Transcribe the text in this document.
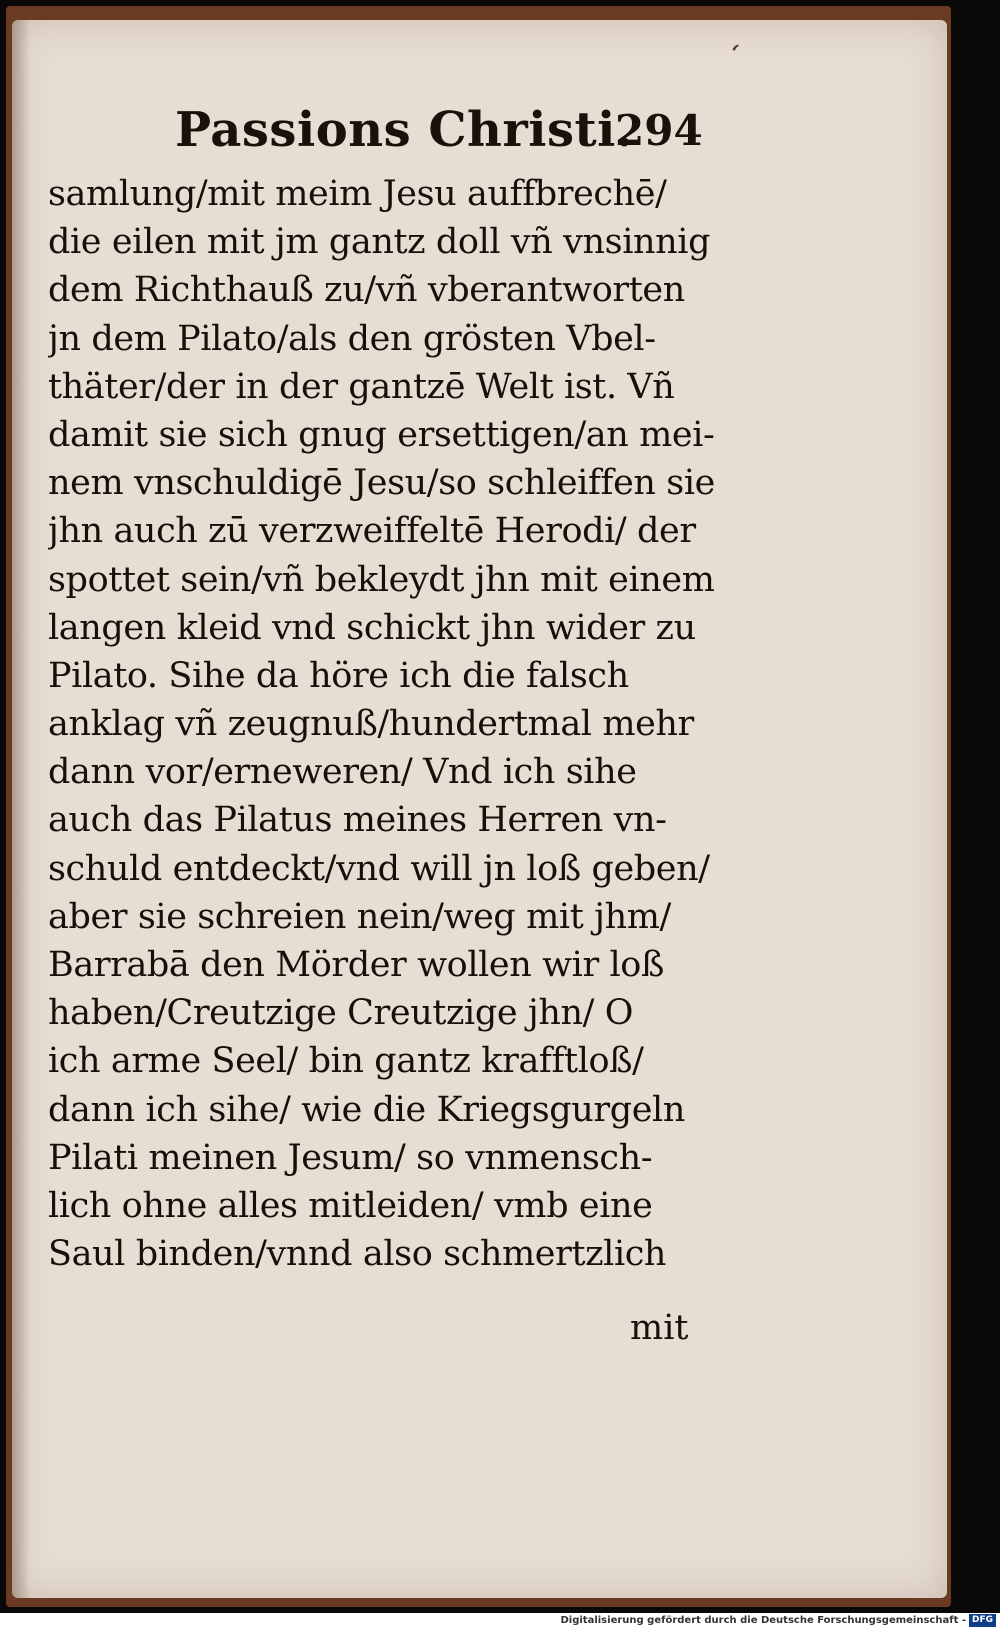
ʻ
Passions Christi.
294
samlung/mit meim Jesu auffbrechē/
die eilen mit jm gantz doll vñ vnsinnig
dem Richthauß zu/vñ vberantworten
jn dem Pilato/als den grösten Vbel-
thäter/der in der gantzē Welt ist. Vñ
damit sie sich gnug ersettigen/an mei-
nem vnschuldigē Jesu/so schleiffen sie
jhn auch zū verzweiffeltē Herodi/ der
spottet sein/vñ bekleydt jhn mit einem
langen kleid vnd schickt jhn wider zu
Pilato. Sihe da höre ich die falsch
anklag vñ zeugnuß/hundertmal mehr
dann vor/erneweren/ Vnd ich sihe
auch das Pilatus meines Herren vn-
schuld entdeckt/vnd will jn loß geben/
aber sie schreien nein/weg mit jhm/
Barrabā den Mörder wollen wir loß
haben/Creutzige Creutzige jhn/ O
ich arme Seel/ bin gantz krafftloß/
dann ich sihe/ wie die Kriegsgurgeln
Pilati meinen Jesum/ so vnmensch-
lich ohne alles mitleiden/ vmb eine
Saul binden/vnnd also schmertzlich
mit
Digitalisierung gefördert durch die Deutsche Forschungsgemeinschaft - DFG
